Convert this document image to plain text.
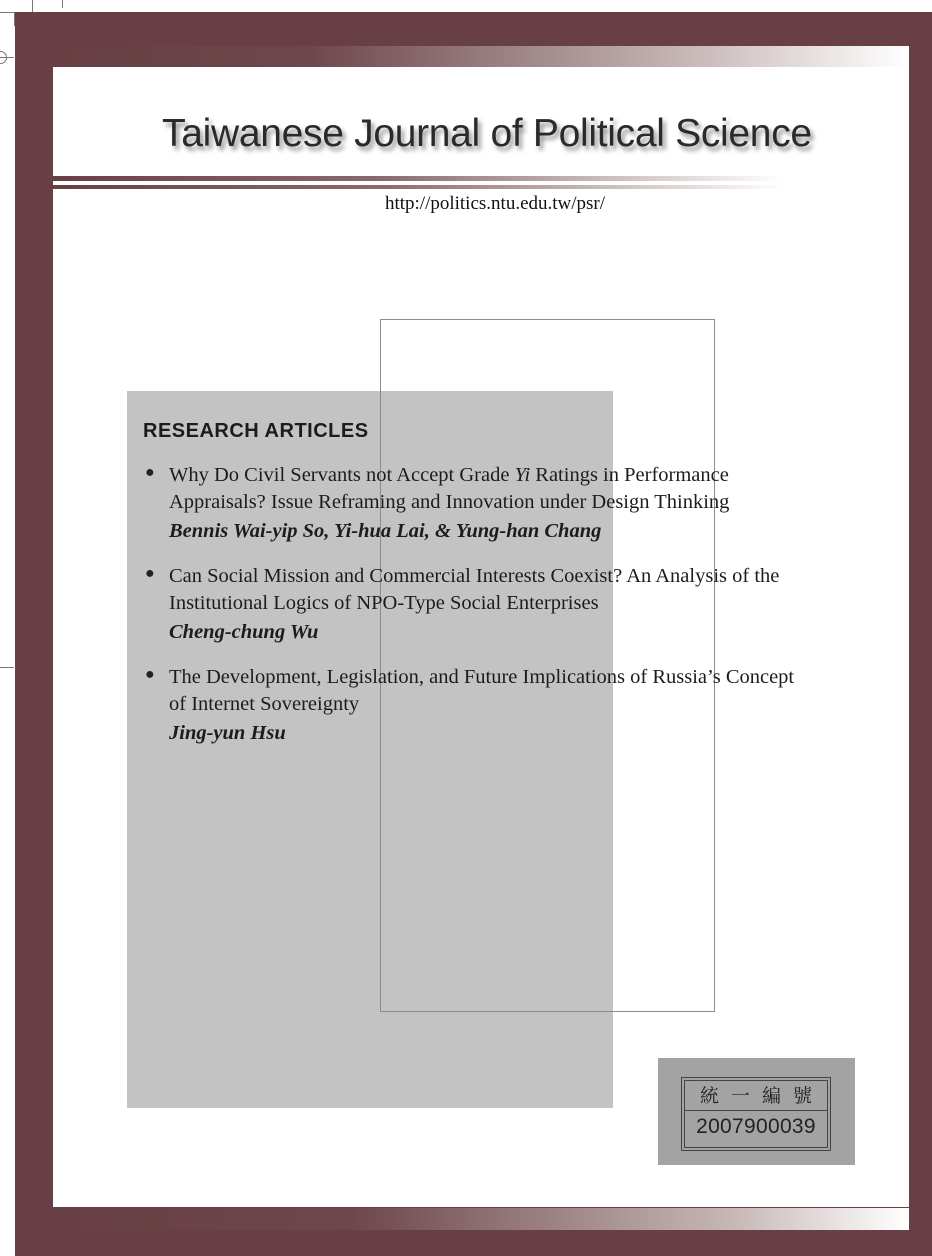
Taiwanese Journal of Political Science
http://politics.ntu.edu.tw/psr/
RESEARCH ARTICLES
● Why Do Civil Servants not Accept Grade Yi Ratings in Performance Appraisals? Issue Reframing and Innovation under Design Thinking
Bennis Wai-yip So, Yi-hua Lai, & Yung-han Chang
● Can Social Mission and Commercial Interests Coexist? An Analysis of the Institutional Logics of NPO-Type Social Enterprises
Cheng-chung Wu
● The Development, Legislation, and Future Implications of Russia’s Concept of Internet Sovereignty
Jing-yun Hsu
統一編號
2007900039
